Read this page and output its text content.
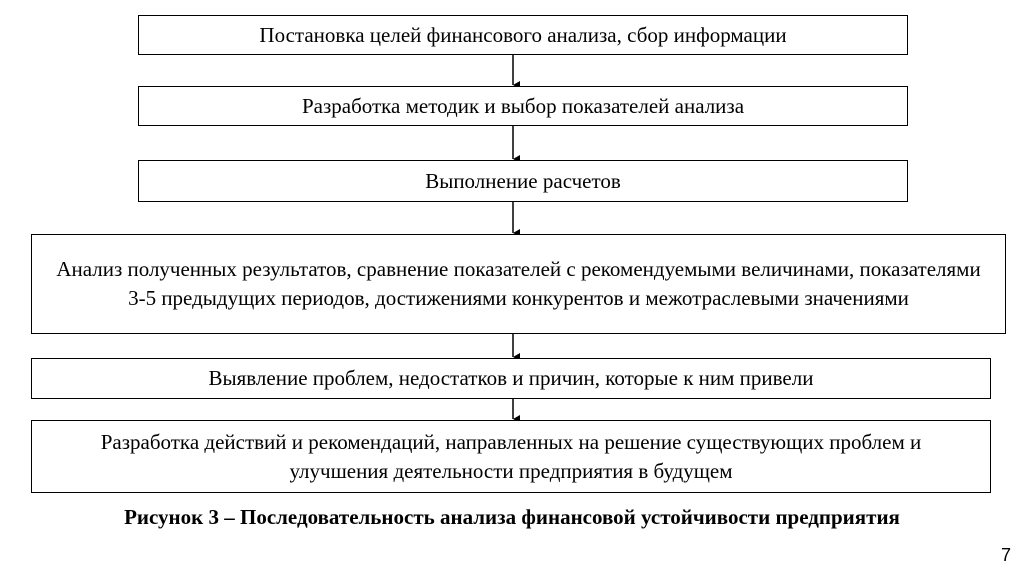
Постановка целей финансового анализа, сбор информации
Разработка методик и выбор показателей анализа
Выполнение расчетов
Анализ полученных результатов, сравнение показателей с рекомендуемыми величинами, показателями 3-5 предыдущих периодов, достижениями конкурентов и межотраслевыми значениями
Выявление проблем, недостатков и причин, которые к ним привели
Разработка действий и рекомендаций, направленных на решение существующих проблем и улучшения деятельности предприятия в будущем
Рисунок 3 – Последовательность анализа финансовой устойчивости предприятия
7
